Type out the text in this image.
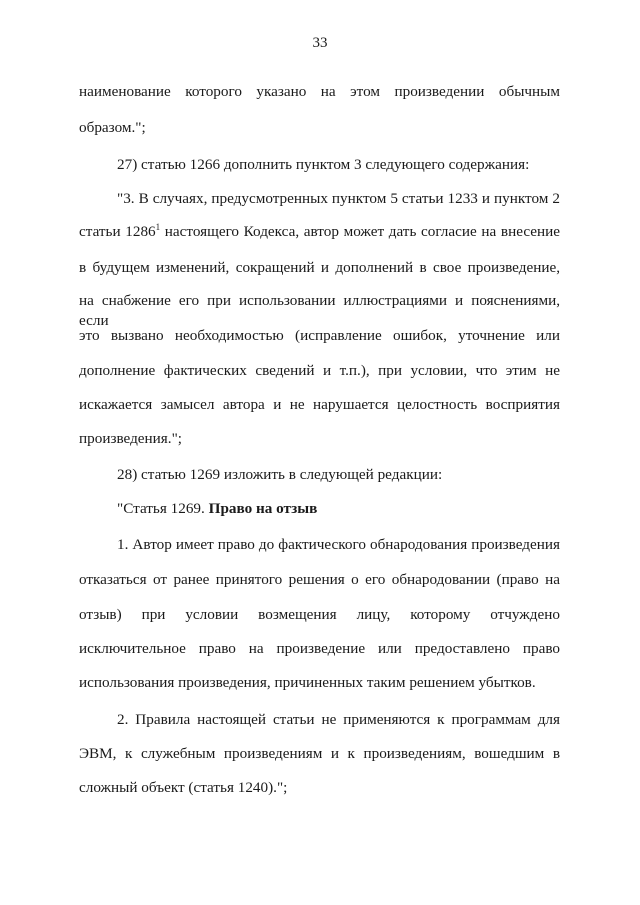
33
наименование которого указано на этом произведении обычным
образом.";
27) статью 1266 дополнить пунктом 3 следующего содержания:
"3. В случаях, предусмотренных пунктом 5 статьи 1233 и пунктом 2
статьи 1286$^1$ настоящего Кодекса, автор может дать согласие на внесение
в будущем изменений, сокращений и дополнений в свое произведение,
на снабжение его при использовании иллюстрациями и пояснениями, если
это вызвано необходимостью (исправление ошибок, уточнение или
дополнение фактических сведений и т.п.), при условии, что этим не
искажается замысел автора и не нарушается целостность восприятия
произведения.";
28) статью 1269 изложить в следующей редакции:
"Статья 1269. Право на отзыв
1. Автор имеет право до фактического обнародования произведения
отказаться от ранее принятого решения о его обнародовании (право на
отзыв) при условии возмещения лицу, которому отчуждено
исключительное право на произведение или предоставлено право
использования произведения, причиненных таким решением убытков.
2. Правила настоящей статьи не применяются к программам для
ЭВМ, к служебным произведениям и к произведениям, вошедшим в
сложный объект (статья 1240).";
